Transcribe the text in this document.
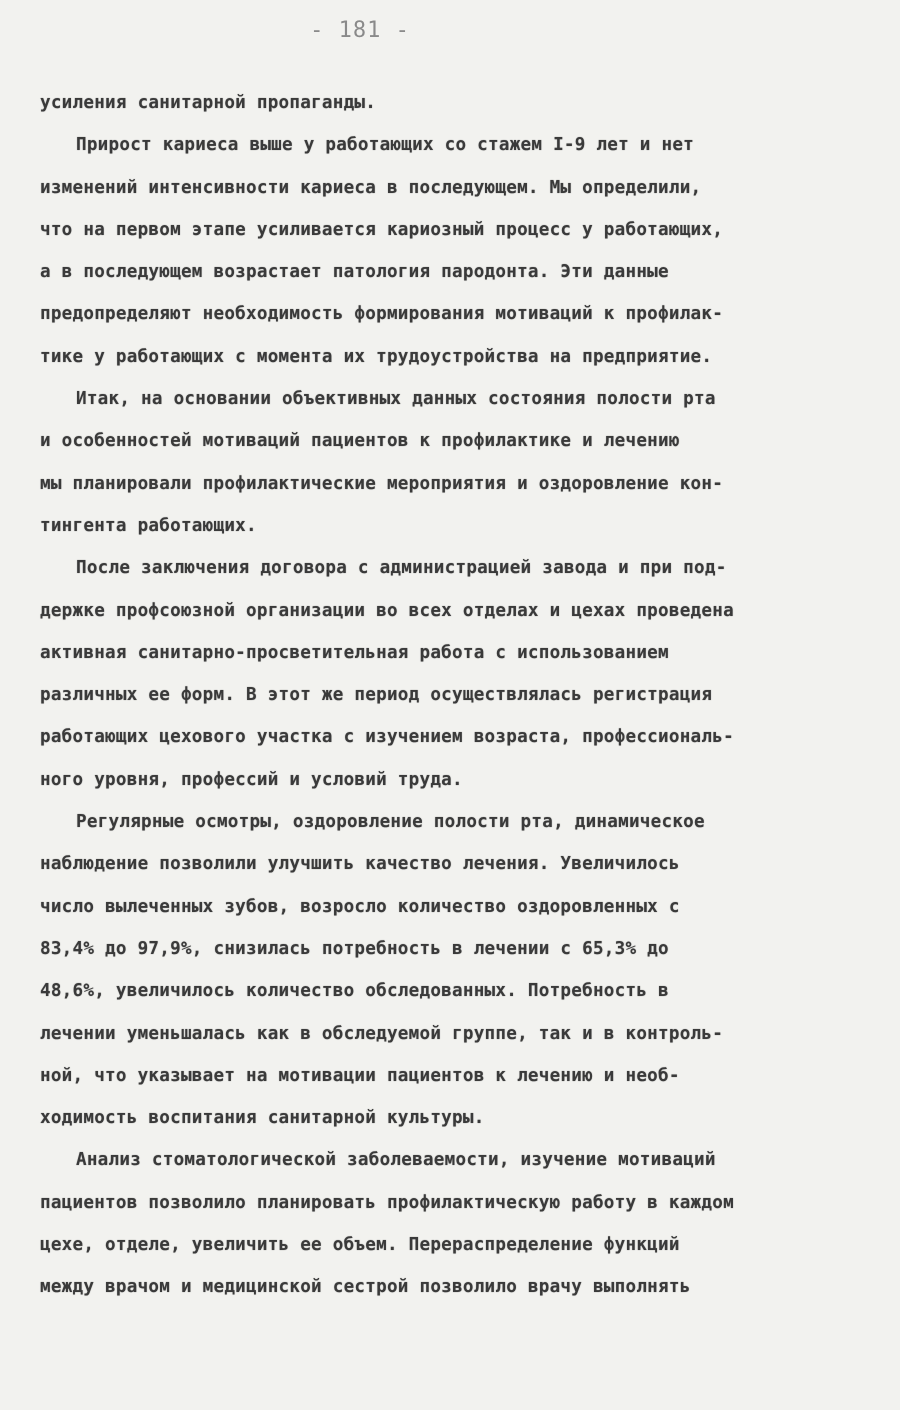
- 181 -
усиления санитарной пропаганды.
Прирост кариеса выше у работающих со стажем I-9 лет и нет
изменений интенсивности кариеса в последующем. Мы определили,
что на первом этапе усиливается кариозный процесс у работающих,
а в последующем возрастает патология пародонта. Эти данные
предопределяют необходимость формирования мотиваций к профилак-
тике у работающих с момента их трудоустройства на предприятие.
Итак, на основании объективных данных состояния полости рта
и особенностей мотиваций пациентов к профилактике и лечению
мы планировали профилактические мероприятия и оздоровление кон-
тингента работающих.
После заключения договора с администрацией завода и при под-
держке профсоюзной организации во всех отделах и цехах проведена
активная санитарно-просветительная работа с использованием
различных ее форм. В этот же период осуществлялась регистрация
работающих цехового участка с изучением возраста, профессиональ-
ного уровня, профессий и условий труда.
Регулярные осмотры, оздоровление полости рта, динамическое
наблюдение позволили улучшить качество лечения. Увеличилось
число вылеченных зубов, возросло количество оздоровленных с
83,4% до 97,9%, снизилась потребность в лечении с 65,3% до
48,6%, увеличилось количество обследованных. Потребность в
лечении уменьшалась как в обследуемой группе, так и в контроль-
ной, что указывает на мотивации пациентов к лечению и необ-
ходимость воспитания санитарной культуры.
Анализ стоматологической заболеваемости, изучение мотиваций
пациентов позволило планировать профилактическую работу в каждом
цехе, отделе, увеличить ее объем. Перераспределение функций
между врачом и медицинской сестрой позволило врачу выполнять
